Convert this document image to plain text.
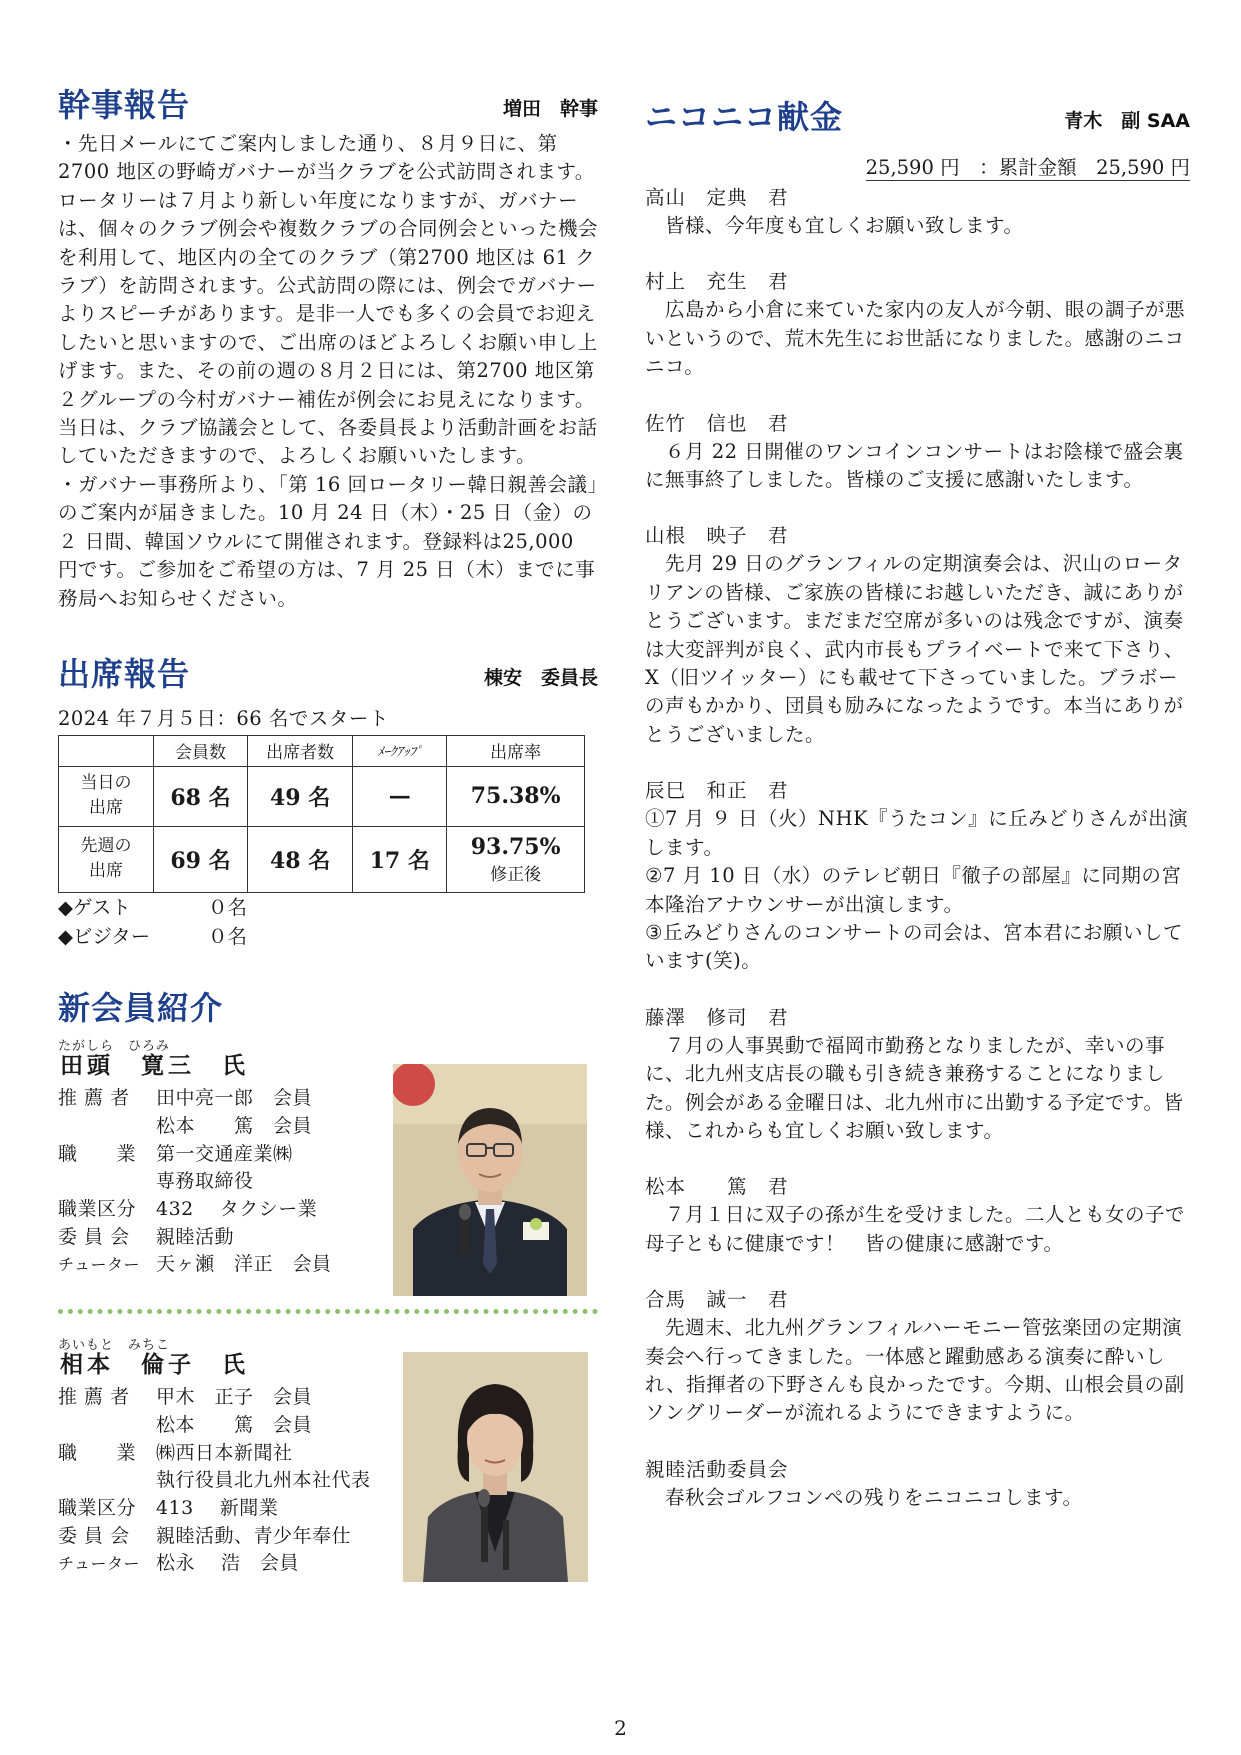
幹事報告	増田　幹事

・先日メールにてご案内しました通り、８月９日に、第2700 地区の野崎ガバナーが当クラブを公式訪問されます。ロータリーは７月より新しい年度になりますが、ガバナーは、個々のクラブ例会や複数クラブの合同例会といった機会を利用して、地区内の全てのクラブ（第2700 地区は 61 クラブ）を訪問されます。公式訪問の際には、例会でガバナーよりスピーチがあります。是非一人でも多くの会員でお迎えしたいと思いますので、ご出席のほどよろしくお願い申し上げます。また、その前の週の８月２日には、第2700 地区第２グループの今村ガバナー補佐が例会にお見えになります。当日は、クラブ協議会として、各委員長より活動計画をお話していただきますので、よろしくお願いいたします。

・ガバナー事務所より、「第 16 回ロータリー韓日親善会議」のご案内が届きました。10 月 24 日（木）・25 日（金）の ２ 日間、韓国ソウルにて開催されます。登録料は25,000 円です。ご参加をご希望の方は、7 月 25 日（木）までに事務局へお知らせください。

出席報告	棟安　委員長
2024 年７月５日：66 名でスタート
	会員数	出席者数	ﾒｰｸｱｯﾌﾟ	出席率
当日の
出席	68 名	49 名	—	75.38%
先週の
出席	69 名	48 名	17 名	93.75%
修正後
◆ゲスト	０名
◆ビジター	０名
新会員紹介
たがしら　ひろみ
田頭　寛三　氏
推 薦 者 田中亮一郎　会員
松本　　篤　会員
職　　業 第一交通産業㈱
専務取締役
職業区分 432　 タクシー業
委 員 会 親睦活動
チューター 天ヶ瀬　洋正　会員
あいもと　みちこ
相本　倫子　氏
推 薦 者 甲木　正子　会員
松本　　篤　会員
職　　業 ㈱西日本新聞社
執行役員北九州本社代表
職業区分 413　 新聞業
委 員 会 親睦活動、青少年奉仕
チューター 松永　 浩　会員
ニコニコ献金	青木　副 SAA
25,590 円　：累計金額　25,590 円
高山　定典　君
　皆様、今年度も宜しくお願い致します。
村上　充生　君
　広島から小倉に来ていた家内の友人が今朝、眼の調子が悪いというので、荒木先生にお世話になりました。感謝のニコニコ。
佐竹　信也　君
　６月 22 日開催のワンコインコンサートはお陰様で盛会裏に無事終了しました。皆様のご支援に感謝いたします。
山根　映子　君
　先月 29 日のグランフィルの定期演奏会は、沢山のロータリアンの皆様、ご家族の皆様にお越しいただき、誠にありがとうございます。まだまだ空席が多いのは残念ですが、演奏は大変評判が良く、武内市長もプライベートで来て下さり、X（旧ツイッター）にも載せて下さっていました。ブラボーの声もかかり、団員も励みになったようです。本当にありがとうございました。
辰巳　和正　君
①7 月 ９ 日（火）NHK『うたコン』に丘みどりさんが出演します。
②7 月 10 日（水）のテレビ朝日『徹子の部屋』に同期の宮本隆治アナウンサーが出演します。
③丘みどりさんのコンサートの司会は、宮本君にお願いしています(笑)。
藤澤　修司　君
　７月の人事異動で福岡市勤務となりましたが、幸いの事に、北九州支店長の職も引き続き兼務することになりました。例会がある金曜日は、北九州市に出勤する予定です。皆様、これからも宜しくお願い致します。
松本　　篤　君
　７月１日に双子の孫が生を受けました。二人とも女の子で母子ともに健康です！　皆の健康に感謝です。
合馬　誠一　君
　先週末、北九州グランフィルハーモニー管弦楽団の定期演奏会へ行ってきました。一体感と躍動感ある演奏に酔いしれ、指揮者の下野さんも良かったです。今期、山根会員の副ソングリーダーが流れるようにできますように。
親睦活動委員会
　春秋会ゴルフコンペの残りをニコニコします。
2
